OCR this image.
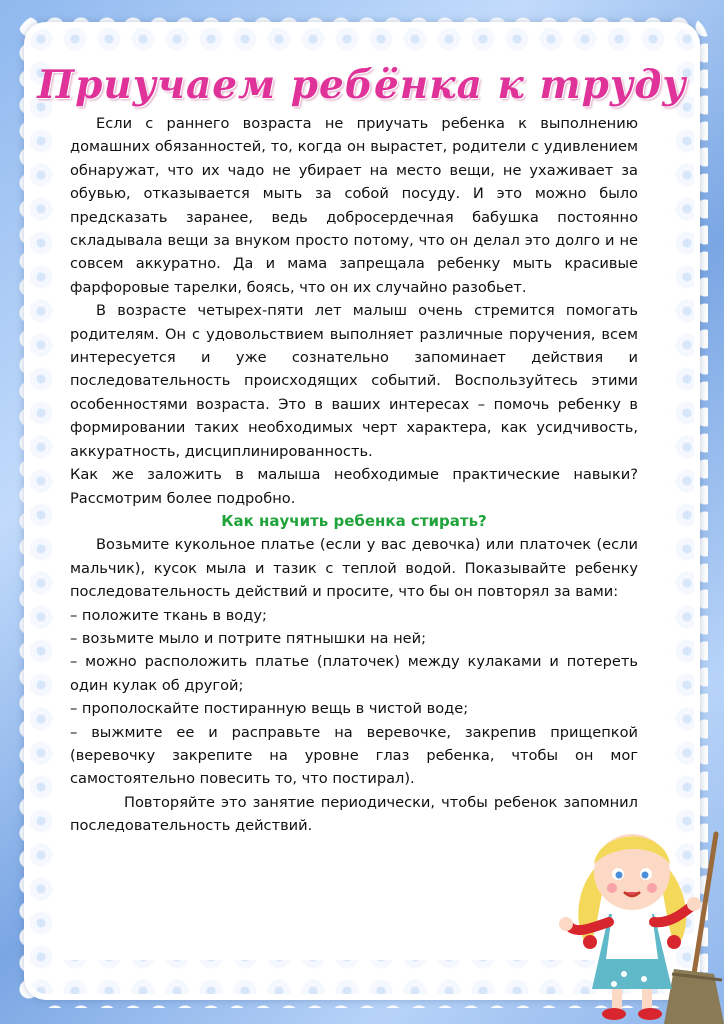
Приучаем ребёнка к труду

Если с раннего возраста не приучать ребенка к выполнению домашних обязанностей, то, когда он вырастет, родители с удивлением обнаружат, что их чадо не убирает на место вещи, не ухаживает за обувью, отказывается мыть за собой посуду. И это можно было предсказать заранее, ведь добросердечная бабушка постоянно складывала вещи за внуком просто потому, что он делал это долго и не совсем аккуратно. Да и мама запрещала ребенку мыть красивые фарфоровые тарелки, боясь, что он их случайно разобьет.

В возрасте четырех-пяти лет малыш очень стремится помогать родителям. Он с удовольствием выполняет различные поручения, всем интересуется и уже сознательно запоминает действия и последовательность происходящих событий. Воспользуйтесь этими особенностями возраста. Это в ваших интересах – помочь ребенку в формировании таких необходимых черт характера, как усидчивость, аккуратность, дисциплинированность.

Как же заложить в малыша необходимые практические навыки? Рассмотрим более подробно.

Как научить ребенка стирать?

Возьмите кукольное платье (если у вас девочка) или платочек (если мальчик), кусок мыла и тазик с теплой водой. Показывайте ребенку последовательность действий и просите, что бы он повторял за вами:

– положите ткань в воду;

– возьмите мыло и потрите пятнышки на ней;

– можно расположить платье (платочек) между кулаками и потереть один кулак об другой;

– прополоскайте постиранную вещь в чистой воде;

– выжмите ее и расправьте на веревочке, закрепив прищепкой (веревочку закрепите на уровне глаз ребенка, чтобы он мог самостоятельно повесить то, что постирал).

Повторяйте это занятие периодически, чтобы ребенок запомнил последовательность действий.
